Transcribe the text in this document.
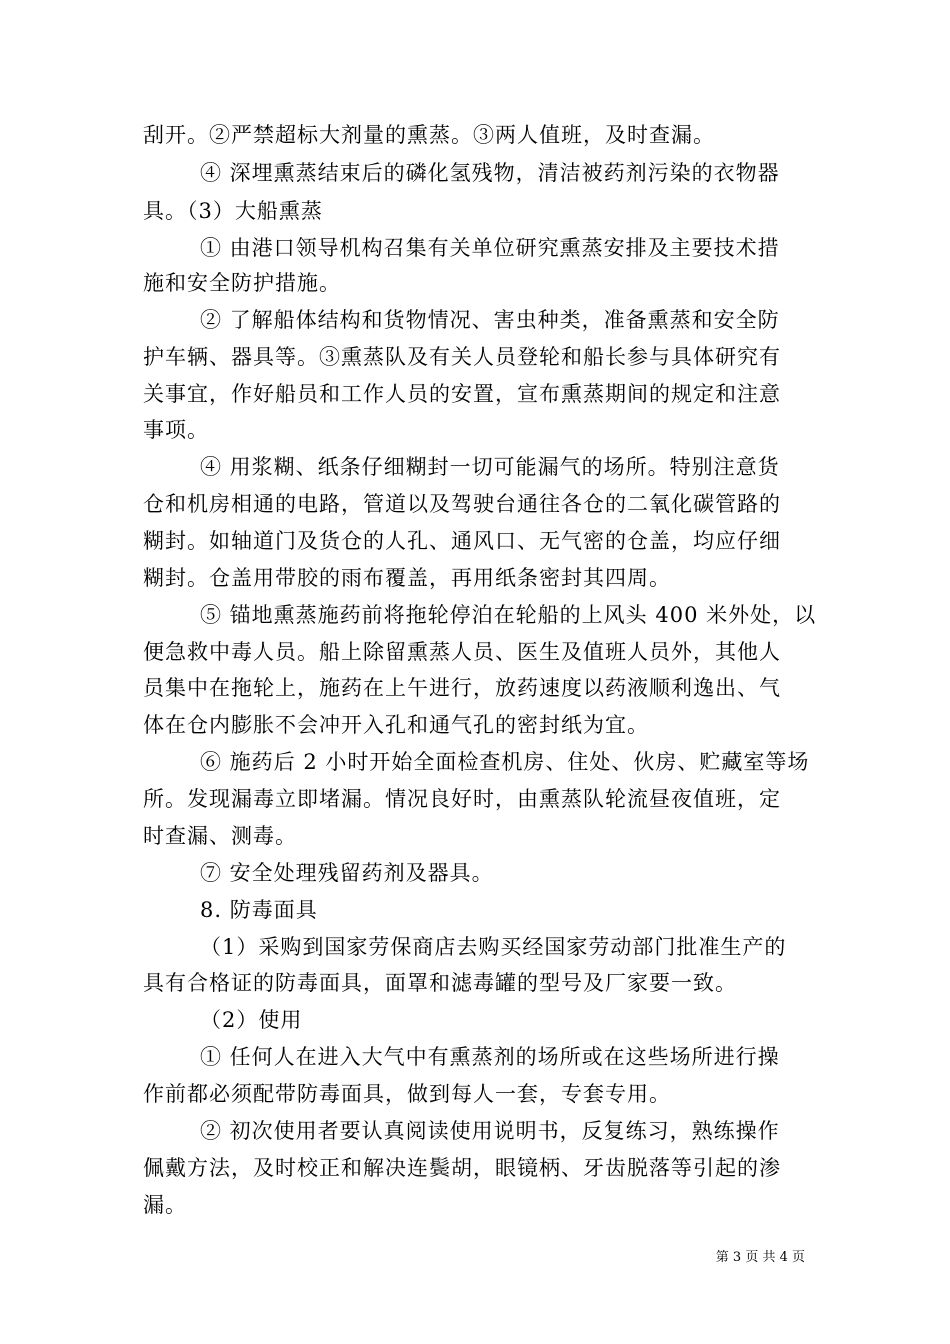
刮开。②严禁超标大剂量的熏蒸。③两人值班，及时查漏。
④ 深埋熏蒸结束后的磷化氢残物，清洁被药剂污染的衣物器
具。（3）大船熏蒸
① 由港口领导机构召集有关单位研究熏蒸安排及主要技术措
施和安全防护措施。
② 了解船体结构和货物情况、害虫种类，准备熏蒸和安全防
护车辆、器具等。③熏蒸队及有关人员登轮和船长参与具体研究有
关事宜，作好船员和工作人员的安置，宣布熏蒸期间的规定和注意
事项。
④ 用浆糊、纸条仔细糊封一切可能漏气的场所。特别注意货
仓和机房相通的电路，管道以及驾驶台通往各仓的二氧化碳管路的
糊封。如轴道门及货仓的人孔、通风口、无气密的仓盖，均应仔细
糊封。仓盖用带胶的雨布覆盖，再用纸条密封其四周。
⑤ 锚地熏蒸施药前将拖轮停泊在轮船的上风头 400 米外处，以
便急救中毒人员。船上除留熏蒸人员、医生及值班人员外，其他人
员集中在拖轮上，施药在上午进行，放药速度以药液顺利逸出、气
体在仓内膨胀不会冲开入孔和通气孔的密封纸为宜。
⑥ 施药后 2 小时开始全面检查机房、住处、伙房、贮藏室等场
所。发现漏毒立即堵漏。情况良好时，由熏蒸队轮流昼夜值班，定
时查漏、测毒。
⑦ 安全处理残留药剂及器具。
8. 防毒面具
（1）采购到国家劳保商店去购买经国家劳动部门批准生产的
具有合格证的防毒面具，面罩和滤毒罐的型号及厂家要一致。
（2）使用
① 任何人在进入大气中有熏蒸剂的场所或在这些场所进行操
作前都必须配带防毒面具，做到每人一套，专套专用。
② 初次使用者要认真阅读使用说明书，反复练习，熟练操作
佩戴方法，及时校正和解决连鬓胡，眼镜柄、牙齿脱落等引起的渗
漏。
第 3 页 共 4 页
